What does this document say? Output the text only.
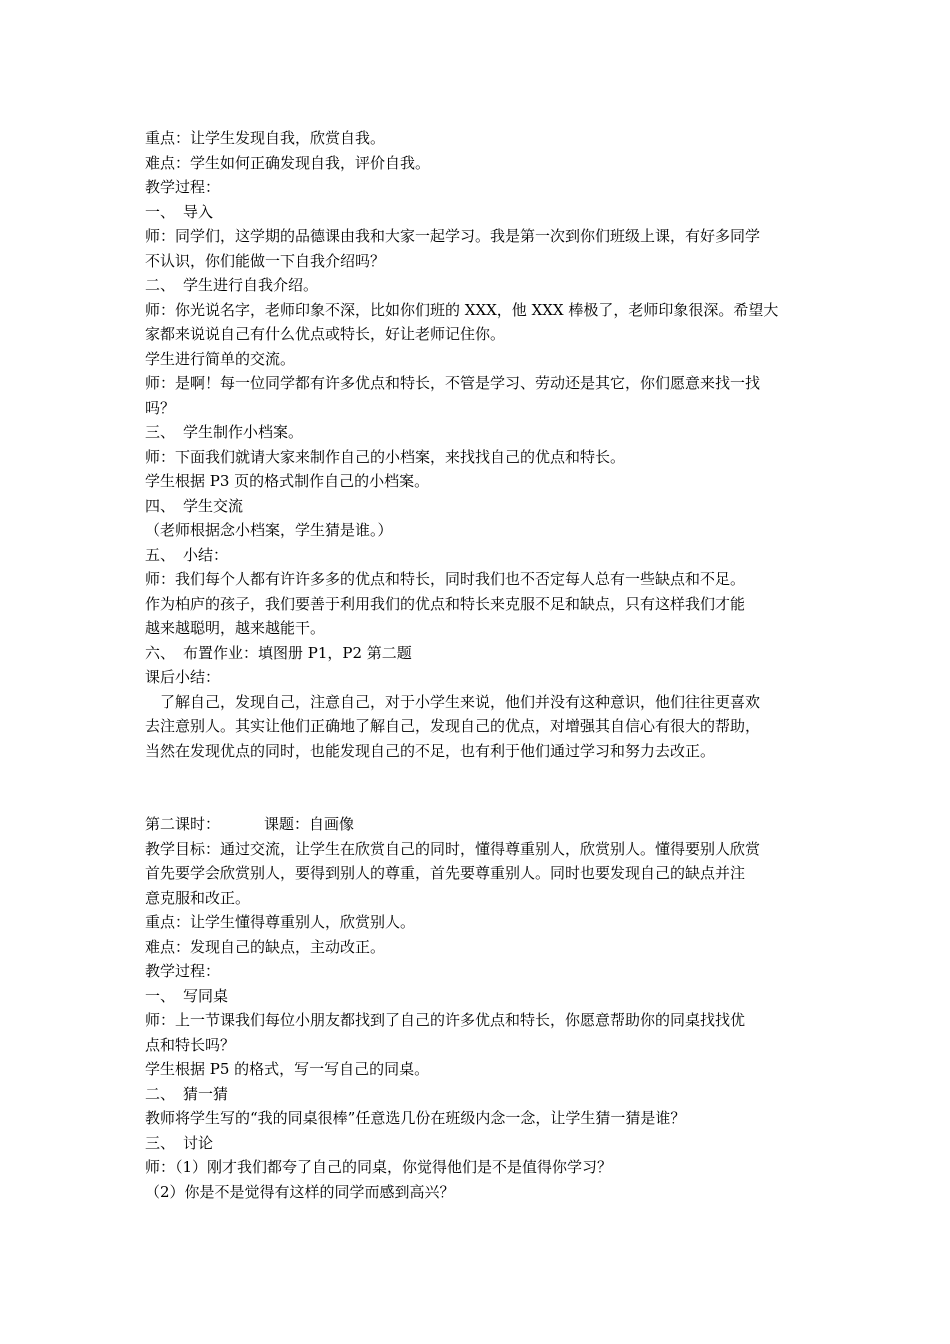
重点：让学生发现自我，欣赏自我。
难点：学生如何正确发现自我，评价自我。
教学过程：
一、 导入
师：同学们，这学期的品德课由我和大家一起学习。我是第一次到你们班级上课，有好多同学
不认识，你们能做一下自我介绍吗？
二、 学生进行自我介绍。
师：你光说名字，老师印象不深，比如你们班的 XXX，他 XXX 棒极了，老师印象很深。希望大
家都来说说自己有什么优点或特长，好让老师记住你。
学生进行简单的交流。
师：是啊！每一位同学都有许多优点和特长，不管是学习、劳动还是其它，你们愿意来找一找
吗？
三、 学生制作小档案。
师：下面我们就请大家来制作自己的小档案，来找找自己的优点和特长。
学生根据 P3 页的格式制作自己的小档案。
四、 学生交流
（老师根据念小档案，学生猜是谁。）
五、 小结：
师：我们每个人都有许许多多的优点和特长，同时我们也不否定每人总有一些缺点和不足。
作为柏庐的孩子，我们要善于利用我们的优点和特长来克服不足和缺点，只有这样我们才能
越来越聪明，越来越能干。
六、 布置作业：填图册 P1，P2 第二题
课后小结：
了解自己，发现自己，注意自己，对于小学生来说，他们并没有这种意识，他们往往更喜欢
去注意别人。其实让他们正确地了解自己，发现自己的优点，对增强其自信心有很大的帮助，
当然在发现优点的同时，也能发现自己的不足，也有利于他们通过学习和努力去改正。
第二课时：	课题：自画像
教学目标：通过交流，让学生在欣赏自己的同时，懂得尊重别人，欣赏别人。懂得要别人欣赏
首先要学会欣赏别人，要得到别人的尊重，首先要尊重别人。同时也要发现自己的缺点并注
意克服和改正。
重点：让学生懂得尊重别人，欣赏别人。
难点：发现自己的缺点，主动改正。
教学过程：
一、 写同桌
师：上一节课我们每位小朋友都找到了自己的许多优点和特长，你愿意帮助你的同桌找找优
点和特长吗？
学生根据 P5 的格式，写一写自己的同桌。
二、 猜一猜
教师将学生写的“我的同桌很棒”任意选几份在班级内念一念，让学生猜一猜是谁？
三、 讨论
师：（1）刚才我们都夸了自己的同桌，你觉得他们是不是值得你学习？
（2）你是不是觉得有这样的同学而感到高兴？
